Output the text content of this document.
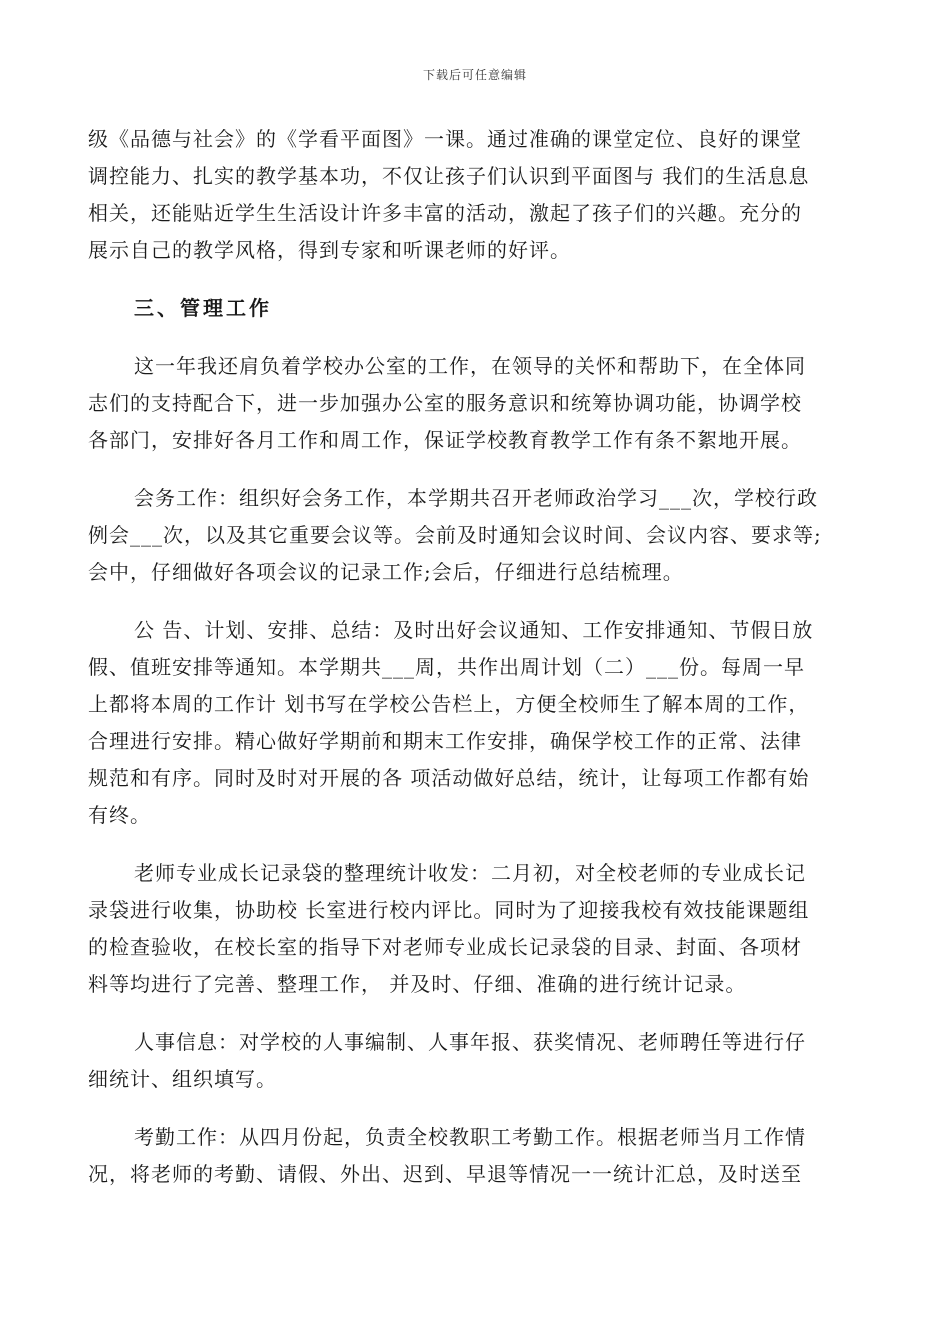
下载后可任意编辑
级《品德与社会》的《学看平面图》一课。通过准确的课堂定位、良好的课堂
调控能力、扎实的教学基本功，不仅让孩子们认识到平面图与 我们的生活息息
相关，还能贴近学生生活设计许多丰富的活动，激起了孩子们的兴趣。充分的
展示自己的教学风格，得到专家和听课老师的好评。
三、管理工作
这一年我还肩负着学校办公室的工作，在领导的关怀和帮助下，在全体同
志们的支持配合下，进一步加强办公室的服务意识和统筹协调功能，协调学校
各部门，安排好各月工作和周工作，保证学校教育教学工作有条不絮地开展。
会务工作：组织好会务工作，本学期共召开老师政治学习___次，学校行政
例会___次，以及其它重要会议等。会前及时通知会议时间、会议内容、要求等;
会中，仔细做好各项会议的记录工作;会后，仔细进行总结梳理。
公 告、计划、安排、总结：及时出好会议通知、工作安排通知、节假日放
假、值班安排等通知。本学期共___周，共作出周计划（二）___份。每周一早
上都将本周的工作计 划书写在学校公告栏上，方便全校师生了解本周的工作，
合理进行安排。精心做好学期前和期末工作安排，确保学校工作的正常、法律
规范和有序。同时及时对开展的各 项活动做好总结，统计，让每项工作都有始
有终。
老师专业成长记录袋的整理统计收发：二月初，对全校老师的专业成长记
录袋进行收集，协助校 长室进行校内评比。同时为了迎接我校有效技能课题组
的检查验收，在校长室的指导下对老师专业成长记录袋的目录、封面、各项材
料等均进行了完善、整理工作， 并及时、仔细、准确的进行统计记录。
人事信息：对学校的人事编制、人事年报、获奖情况、老师聘任等进行仔
细统计、组织填写。
考勤工作：从四月份起，负责全校教职工考勤工作。根据老师当月工作情
况，将老师的考勤、请假、外出、迟到、早退等情况一一统计汇总，及时送至
